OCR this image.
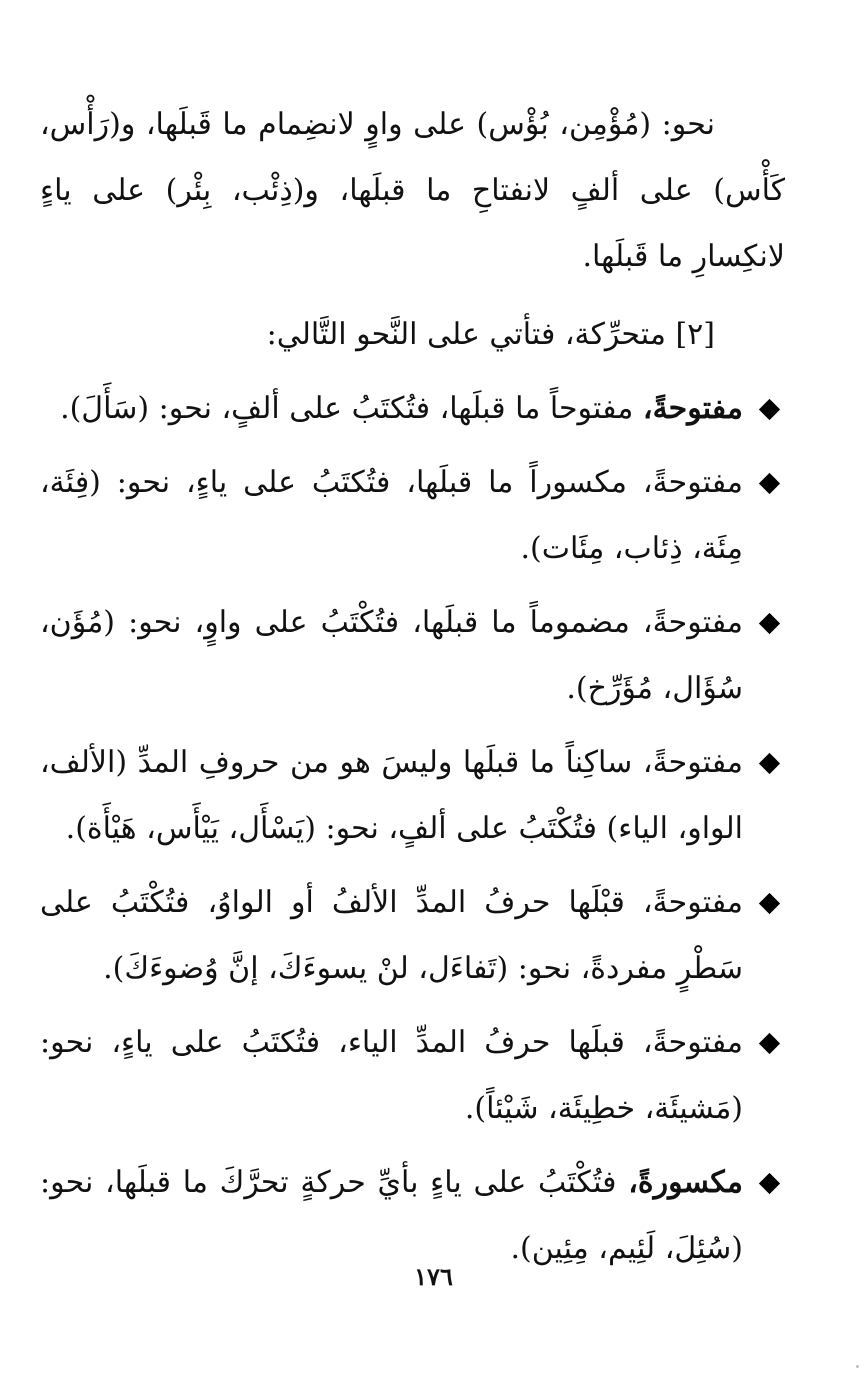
نحو: (مُؤْمِن، بُؤْس) على واوٍ لانضِمام ما قَبلَها، و(رَأْس، كَأْس) على ألفٍ لانفتاحِ ما قبلَها، و(ذِئْب، بِئْر) على ياءٍ لانكِسارِ ما قَبلَها.

[٢] متحرِّكة، فتأتي على النَّحو التَّالي:

مفتوحةً، مفتوحاً ما قبلَها، فتُكتَبُ على ألفٍ، نحو: (سَأَلَ).
مفتوحةً، مكسوراً ما قبلَها، فتُكتَبُ على ياءٍ، نحو: (فِئَة، مِئَة، ذِئاب، مِئَات).
مفتوحةً، مضموماً ما قبلَها، فتُكْتَبُ على واوٍ، نحو: (مُؤَن، سُؤَال، مُؤَرِّخ).
مفتوحةً، ساكِناً ما قبلَها وليسَ هو من حروفِ المدِّ (الألف، الواو، الياء) فتُكْتَبُ على ألفٍ، نحو: (يَسْأَل، يَيْأَس، هَيْأَة).
مفتوحةً، قبْلَها حرفُ المدِّ الألفُ أو الواوُ، فتُكْتَبُ على سَطْرٍ مفردةً، نحو: (تَفاءَل، لنْ يسوءَكَ، إنَّ وُضوءَكَ).
مفتوحةً، قبلَها حرفُ المدِّ الياء، فتُكتَبُ على ياءٍ، نحو: (مَشيئَة، خطِيئَة، شَيْئاً).
مكسورةً، فتُكْتَبُ على ياءٍ بأيِّ حركةٍ تحرَّكَ ما قبلَها، نحو: (سُئِلَ، لَئِيم، مِئِين).
١٧٦
